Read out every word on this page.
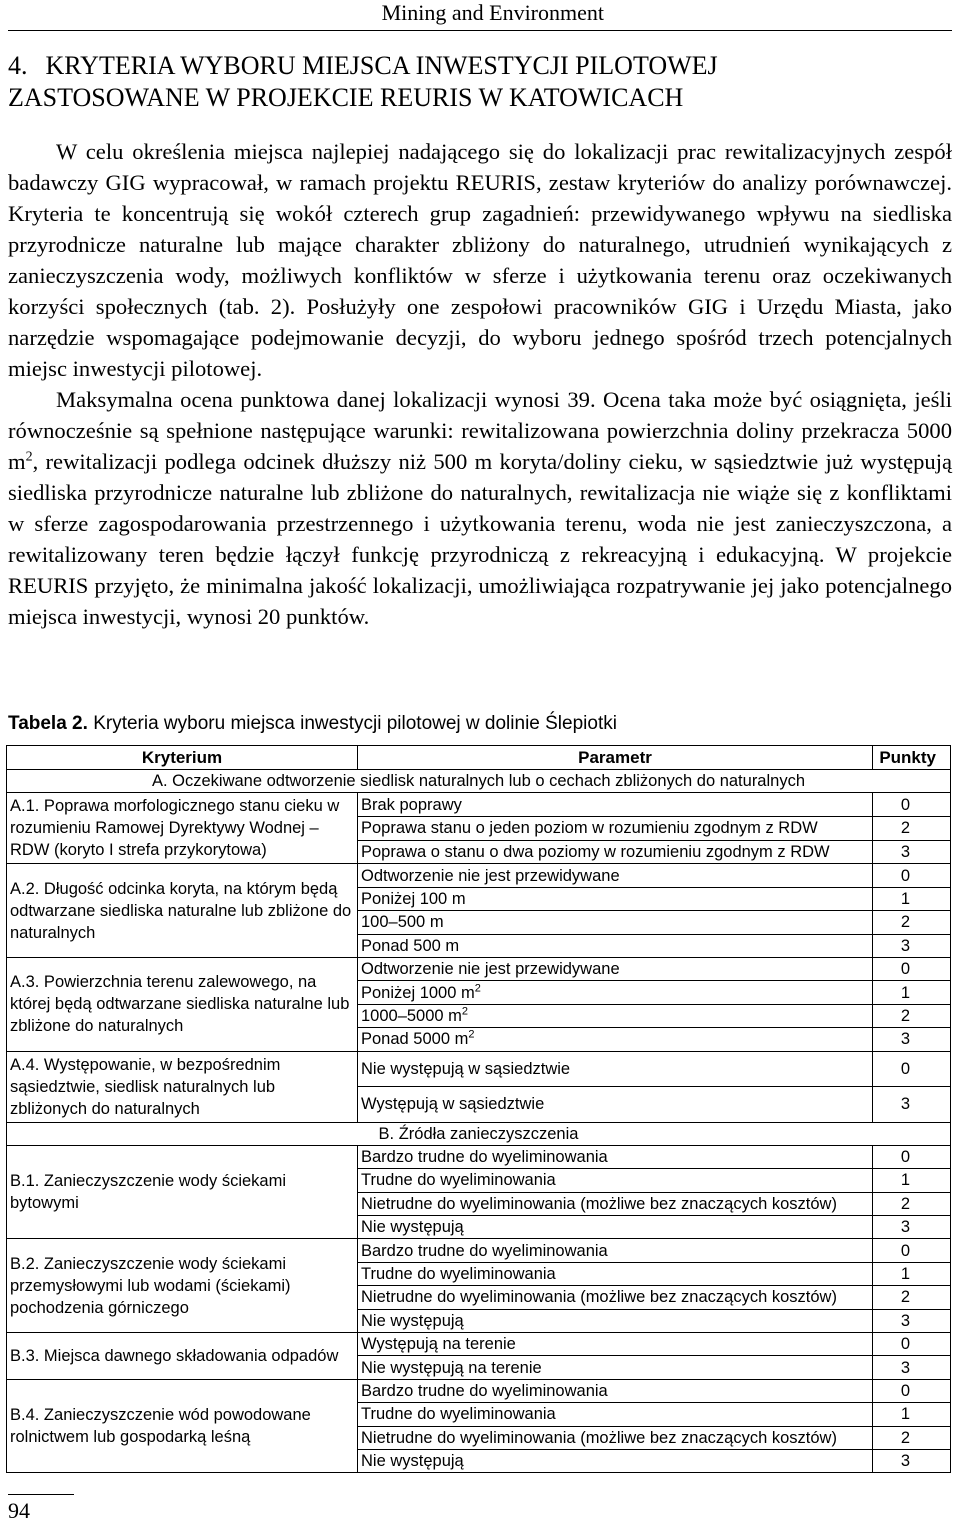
Mining and Environment
4. KRYTERIA WYBORU MIEJSCA INWESTYCJI PILOTOWEJ
ZASTOSOWANE W PROJEKCIE REURIS W KATOWICACH

W celu określenia miejsca najlepiej nadającego się do lokalizacji prac rewitalizacyjnych zespół badawczy GIG wypracował, w ramach projektu REURIS, zestaw kryteriów do analizy porównawczej. Kryteria te koncentrują się wokół czterech grup zagadnień: przewidywanego wpływu na siedliska przyrodnicze naturalne lub mające charakter zbliżony do naturalnego, utrudnień wynikających z zanieczyszczenia wody, możliwych konfliktów w sferze i użytkowania terenu oraz oczekiwanych korzyści społecznych (tab. 2). Posłużyły one zespołowi pracowników GIG i Urzędu Miasta, jako narzędzie wspomagające podejmowanie decyzji, do wyboru jednego spośród trzech potencjalnych miejsc inwestycji pilotowej.

Maksymalna ocena punktowa danej lokalizacji wynosi 39. Ocena taka może być osiągnięta, jeśli równocześnie są spełnione następujące warunki: rewitalizowana powierzchnia doliny przekracza 5000 $m^2$, rewitalizacji podlega odcinek dłuższy niż 500 m koryta/doliny cieku, w sąsiedztwie już występują siedliska przyrodnicze naturalne lub zbliżone do naturalnych, rewitalizacja nie wiąże się z konfliktami w sferze zagospodarowania przestrzennego i użytkowania terenu, woda nie jest zanieczyszczona, a rewitalizowany teren będzie łączył funkcję przyrodniczą z rekreacyjną i edukacyjną. W projekcie REURIS przyjęto, że minimalna jakość lokalizacji, umożliwiająca rozpatrywanie jej jako potencjalnego miejsca inwestycji, wynosi 20 punktów.

Tabela 2. Kryteria wyboru miejsca inwestycji pilotowej w dolinie Ślepiotki
Kryterium	Parametr	Punkty
A. Oczekiwane odtworzenie siedlisk naturalnych lub o cechach zbliżonych do naturalnych		
A.1. Poprawa morfologicznego stanu cieku w rozumieniu Ramowej Dyrektywy Wodnej – RDW (koryto I strefa przykorytowa)	Brak poprawy	0
	Poprawa stanu o jeden poziom w rozumieniu zgodnym z RDW	2
	Poprawa o stanu o dwa poziomy w rozumieniu zgodnym z RDW	3
A.2. Długość odcinka koryta, na którym będą odtwarzane siedliska naturalne lub zbliżone do naturalnych	Odtworzenie nie jest przewidywane	0
	Poniżej 100 m	1
	100–500 m	2
	Ponad 500 m	3
A.3. Powierzchnia terenu zalewowego, na której będą odtwarzane siedliska naturalne lub zbliżone do naturalnych	Odtworzenie nie jest przewidywane	0
	Poniżej 1000 $m^2$	1
	1000–5000 $m^2$	2
	Ponad 5000 $m^2$	3
A.4. Występowanie, w bezpośrednim sąsiedztwie, siedlisk naturalnych lub zbliżonych do naturalnych	Nie występują w sąsiedztwie	0
	Występują w sąsiedztwie	3
B. Źródła zanieczyszczenia		
B.1. Zanieczyszczenie wody ściekami bytowymi	Bardzo trudne do wyeliminowania	0
	Trudne do wyeliminowania	1
	Nietrudne do wyeliminowania (możliwe bez znaczących kosztów)	2
	Nie występują	3
B.2. Zanieczyszczenie wody ściekami przemysłowymi lub wodami (ściekami) pochodzenia górniczego	Bardzo trudne do wyeliminowania	0
	Trudne do wyeliminowania	1
	Nietrudne do wyeliminowania (możliwe bez znaczących kosztów)	2
	Nie występują	3
B.3. Miejsca dawnego składowania odpadów	Występują na terenie	0
	Nie występują na terenie	3
B.4. Zanieczyszczenie wód powodowane rolnictwem lub gospodarką leśną	Bardzo trudne do wyeliminowania	0
	Trudne do wyeliminowania	1
	Nietrudne do wyeliminowania (możliwe bez znaczących kosztów)	2
	Nie występują	3
94
